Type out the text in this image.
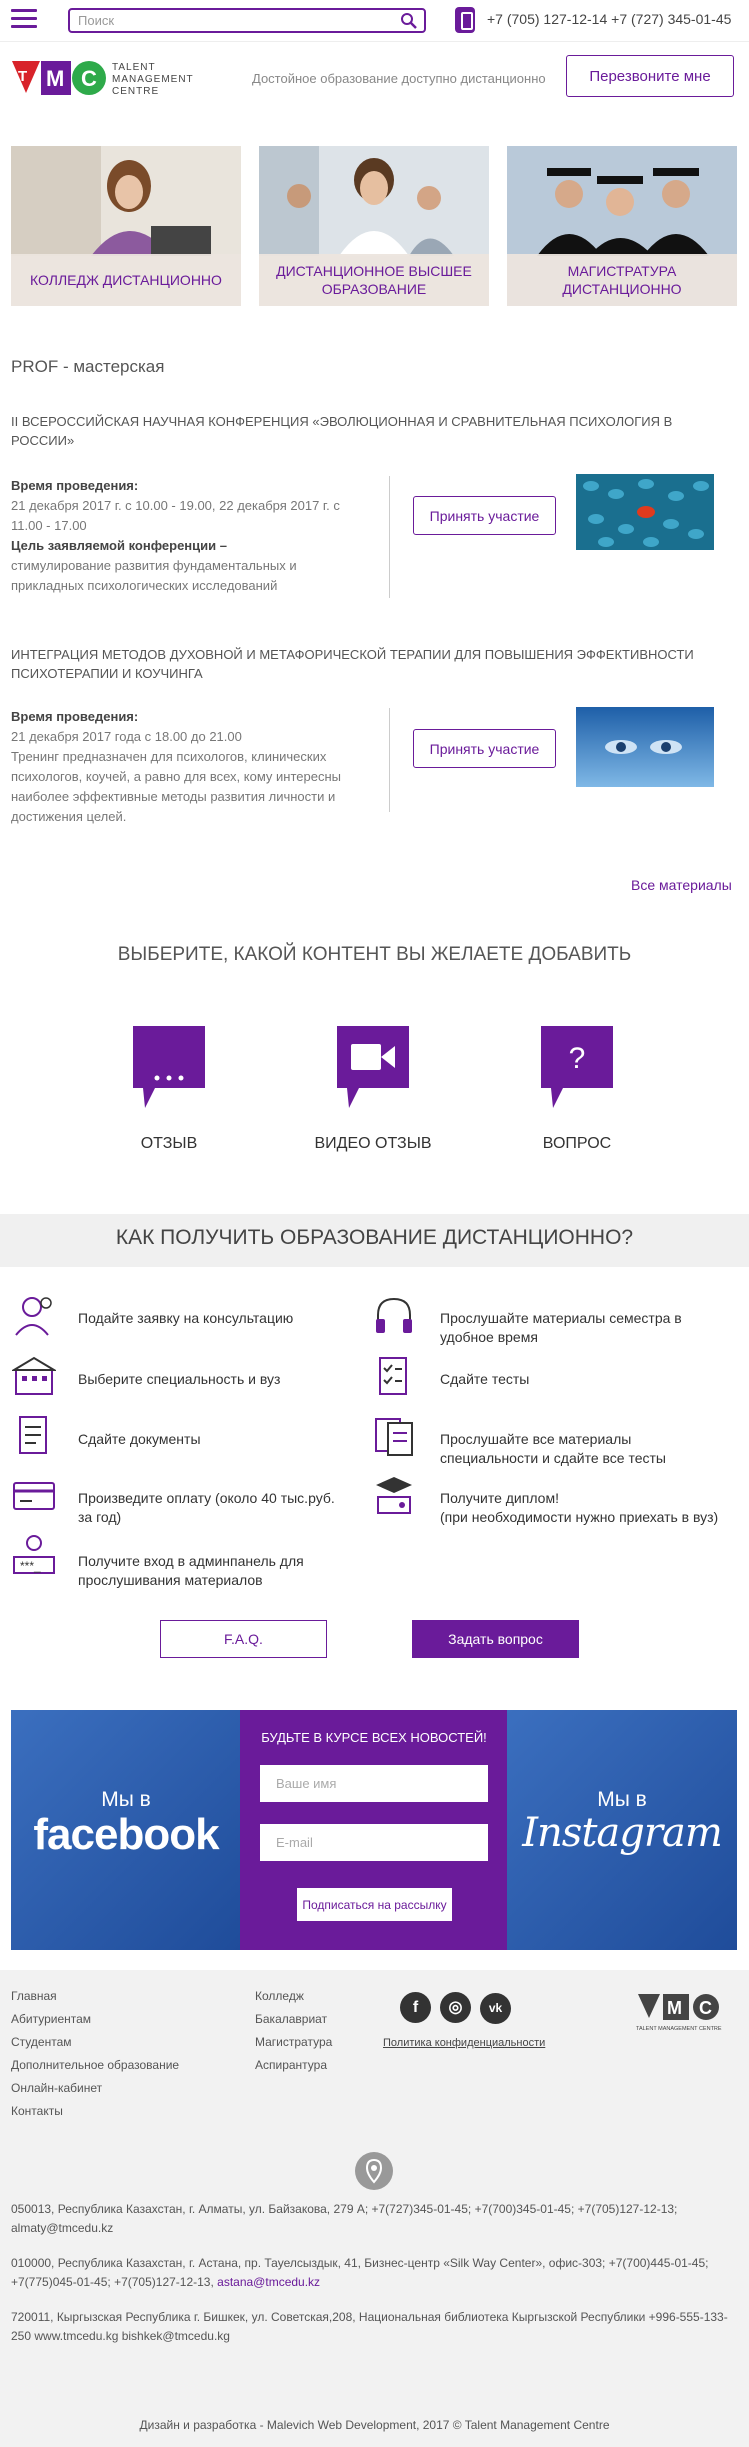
Поиск
+7 (705) 127-12-14 +7 (727) 345-01-45
T M C TALENT
MANAGEMENT
CENTRE
Достойное образование доступно дистанционно	Перезвоните мне
КОЛЛЕДЖ ДИСТАНЦИОННО
ДИСТАНЦИОННОЕ ВЫСШЕЕ ОБРАЗОВАНИЕ
МАГИСТРАТУРА ДИСТАНЦИОННО
PROF - мастерская
II ВСЕРОССИЙСКАЯ НАУЧНАЯ КОНФЕРЕНЦИЯ «ЭВОЛЮЦИОННАЯ И СРАВНИТЕЛЬНАЯ ПСИХОЛОГИЯ В РОССИИ»
Время проведения:
21 декабря 2017 г. с 10.00 - 19.00, 22 декабря 2017 г. с 11.00 - 17.00
Цель заявляемой конференции –
стимулирование развития фундаментальных и прикладных психологических исследований
Принять участие
ИНТЕГРАЦИЯ МЕТОДОВ ДУХОВНОЙ И МЕТАФОРИЧЕСКОЙ ТЕРАПИИ ДЛЯ ПОВЫШЕНИЯ ЭФФЕКТИВНОСТИ ПСИХОТЕРАПИИ И КОУЧИНГА
Время проведения:
21 декабря 2017 года с 18.00 до 21.00
Тренинг предназначен для психологов, клинических психологов, коучей, а равно для всех, кому интересны наиболее эффективные методы развития личности и достижения целей.
Принять участие
Все материалы
ВЫБЕРИТЕ, КАКОЙ КОНТЕНТ ВЫ ЖЕЛАЕТЕ ДОБАВИТЬ
ОТЗЫВ	ВИДЕО ОТЗЫВ
?
ВОПРОС
КАК ПОЛУЧИТЬ ОБРАЗОВАНИЕ ДИСТАНЦИОННО?
Подайте заявку на консультацию
Выберите специальность и вуз
Сдайте документы
Произведите оплату (около 40 тыс.руб. за год)
***_	Получите вход в админпанель для прослушивания материалов
Прослушайте материалы семестра в удобное время
Сдайте тесты
Прослушайте все материалы специальности и сдайте все тесты
Получите диплом!
(при необходимости нужно приехать в вуз)
F.A.Q.	Задать вопрос
Мы в
facebook
БУДЬТЕ В КУРСЕ ВСЕХ НОВОСТЕЙ!
Ваше имя
E-mail
Подписаться на рассылку
Мы в
Instagram
Главная
Абитуриентам
Студентам
Дополнительное образование
Онлайн-кабинет
Контакты
Колледж
Бакалавриат
Магистратура
Аспирантура
f ◎ vk
Политика конфиденциальности
M C
TALENT MANAGEMENT CENTRE
050013, Республика Казахстан, г. Алматы, ул. Байзакова, 279 А; +7(727)345-01-45; +7(700)345-01-45; +7(705)127-12-13; almaty@tmcedu.kz
010000, Республика Казахстан, г. Астана, пр. Тауелсыздык, 41, Бизнес-центр «Silk Way Center», офис-303; +7(700)445-01-45; +7(775)045-01-45; +7(705)127-12-13, astana@tmcedu.kz
720011, Кыргызская Республика г. Бишкек, ул. Советская,208, Национальная библиотека Кыргызской Республики +996-555-133-250 www.tmcedu.kg bishkek@tmcedu.kg
Дизайн и разработка - Malevich Web Development, 2017 © Talent Management Centre
